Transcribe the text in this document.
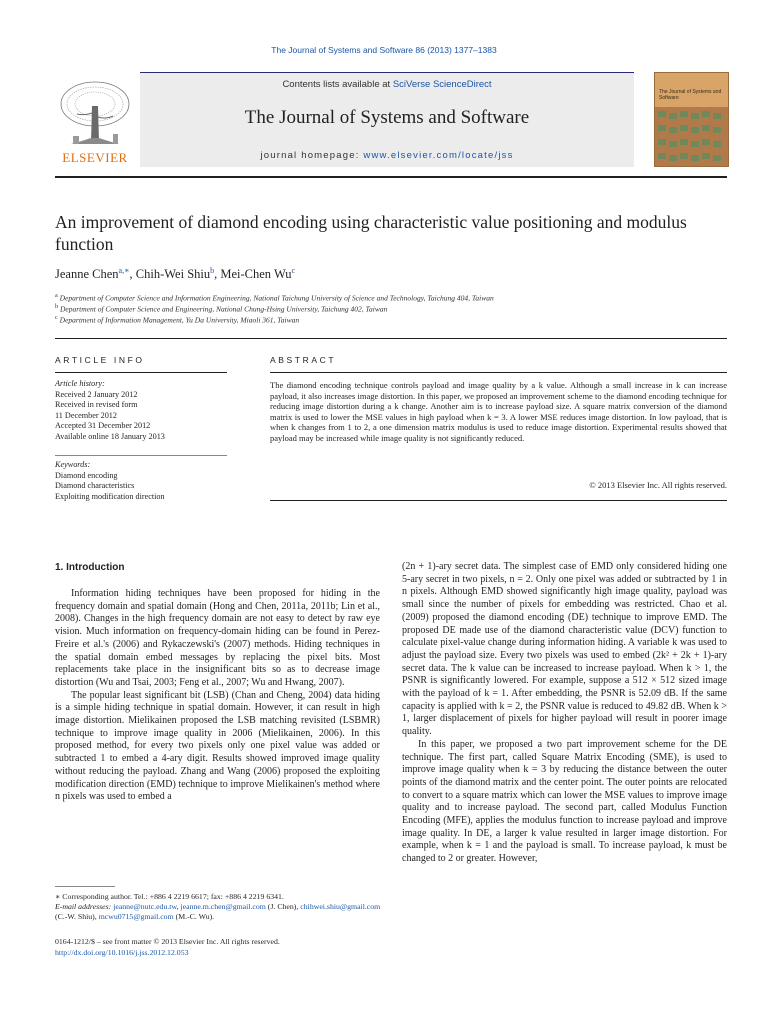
The Journal of Systems and Software 86 (2013) 1377–1383
Contents lists available at SciVerse ScienceDirect
The Journal of Systems and Software
journal homepage: www.elsevier.com/locate/jss
ELSEVIER
The Journal of Systems and Software
An improvement of diamond encoding using characteristic value positioning and modulus function
Jeanne Chen$^{a,∗}$, Chih-Wei Shiu$^b$, Mei-Chen Wu$^c$
$^a$ Department of Computer Science and Information Engineering, National Taichung University of Science and Technology, Taichung 404, Taiwan
$^b$ Department of Computer Science and Engineering, National Chung-Hsing University, Taichung 402, Taiwan
$^c$ Department of Information Management, Yu Da University, Miaoli 361, Taiwan
ARTICLE INFO
Article history:
Received 2 January 2012
Received in revised form
11 December 2012
Accepted 31 December 2012
Available online 18 January 2013
Keywords:
Diamond encoding
Diamond characteristics
Exploiting modification direction
ABSTRACT
The diamond encoding technique controls payload and image quality by a k value. Although a small increase in k can increase payload, it also increases image distortion. In this paper, we proposed an improvement scheme to the diamond encoding technique for reducing image distortion during a k change. Another aim is to increase payload size. A square matrix conversion of the diamond matrix is used to lower the MSE values in high payload when k = 3. A lower MSE reduces image distortion. In low payload, that is when k changes from 1 to 2, a one dimension matrix modulus is used to reduce image distortion. Experimental results showed that payload may be increased while image quality is not significantly reduced.
© 2013 Elsevier Inc. All rights reserved.
1. Introduction

Information hiding techniques have been proposed for hiding in the frequency domain and spatial domain (Hong and Chen, 2011a, 2011b; Lin et al., 2008). Changes in the high frequency domain are not easy to detect by raw eye vision. Much information on frequency-domain hiding can be found in Perez-Freire et al.'s (2006) and Rykaczewski's (2007) methods. Hiding techniques in the spatial domain embed messages by replacing the pixel bits. Most replacements take place in the insignificant bits so as to decrease image distortion (Wu and Tsai, 2003; Feng et al., 2007; Wu and Hwang, 2007).

The popular least significant bit (LSB) (Chan and Cheng, 2004) data hiding is a simple hiding technique in spatial domain. However, it can result in high image distortion. Mielikainen proposed the LSB matching revisited (LSBMR) technique to improve image quality in 2006 (Mielikainen, 2006). In this proposed method, for every two pixels only one pixel value was added or subtracted 1 to embed a 4-ary digit. Results showed improved image quality without reducing the payload. Zhang and Wang (2006) proposed the exploiting modification direction (EMD) technique to improve Mielikainen's method where n pixels was used to embed a

(2n + 1)-ary secret data. The simplest case of EMD only considered hiding one 5-ary secret in two pixels, n = 2. Only one pixel was added or subtracted by 1 in n pixels. Although EMD showed significantly high image quality, payload was small since the number of pixels for embedding was restricted. Chao et al. (2009) proposed the diamond encoding (DE) technique to improve EMD. The proposed DE made use of the diamond characteristic value (DCV) function to calculate pixel-value change during information hiding. A variable k was used to adjust the payload size. Every two pixels was used to embed (2k² + 2k + 1)-ary secret data. The k value can be increased to increase payload. When k > 1, the PSNR is significantly lowered. For example, suppose a 512 × 512 sized image with the payload of k = 1. After embedding, the PSNR is 52.09 dB. If the same capacity is applied with k = 2, the PSNR value is reduced to 49.82 dB. When k > 1, larger displacement of pixels for higher payload will result in poorer image quality.

In this paper, we proposed a two part improvement scheme for the DE technique. The first part, called Square Matrix Encoding (SME), is used to improve image quality when k = 3 by reducing the distance between the outer points of the diamond matrix and the center point. The outer points are relocated to convert to a square matrix which can lower the MSE values to improve image quality and to increase payload. The second part, called Modulus Function Encoding (MFE), applies the modulus function to increase payload and improve image quality. In DE, a larger k value resulted in larger image distortion. For example, when k = 1 and the payload is small. To increase payload, k must be changed to 2 or greater. However,

∗ Corresponding author. Tel.: +886 4 2219 6617; fax: +886 4 2219 6341.
E-mail addresses: jeanne@nutc.edu.tw, jeanne.m.chen@gmail.com (J. Chen), chihwei.shiu@gmail.com (C.-W. Shiu), mcwu0715@gmail.com (M.-C. Wu).
0164-1212/$ – see front matter © 2013 Elsevier Inc. All rights reserved.
http://dx.doi.org/10.1016/j.jss.2012.12.053
